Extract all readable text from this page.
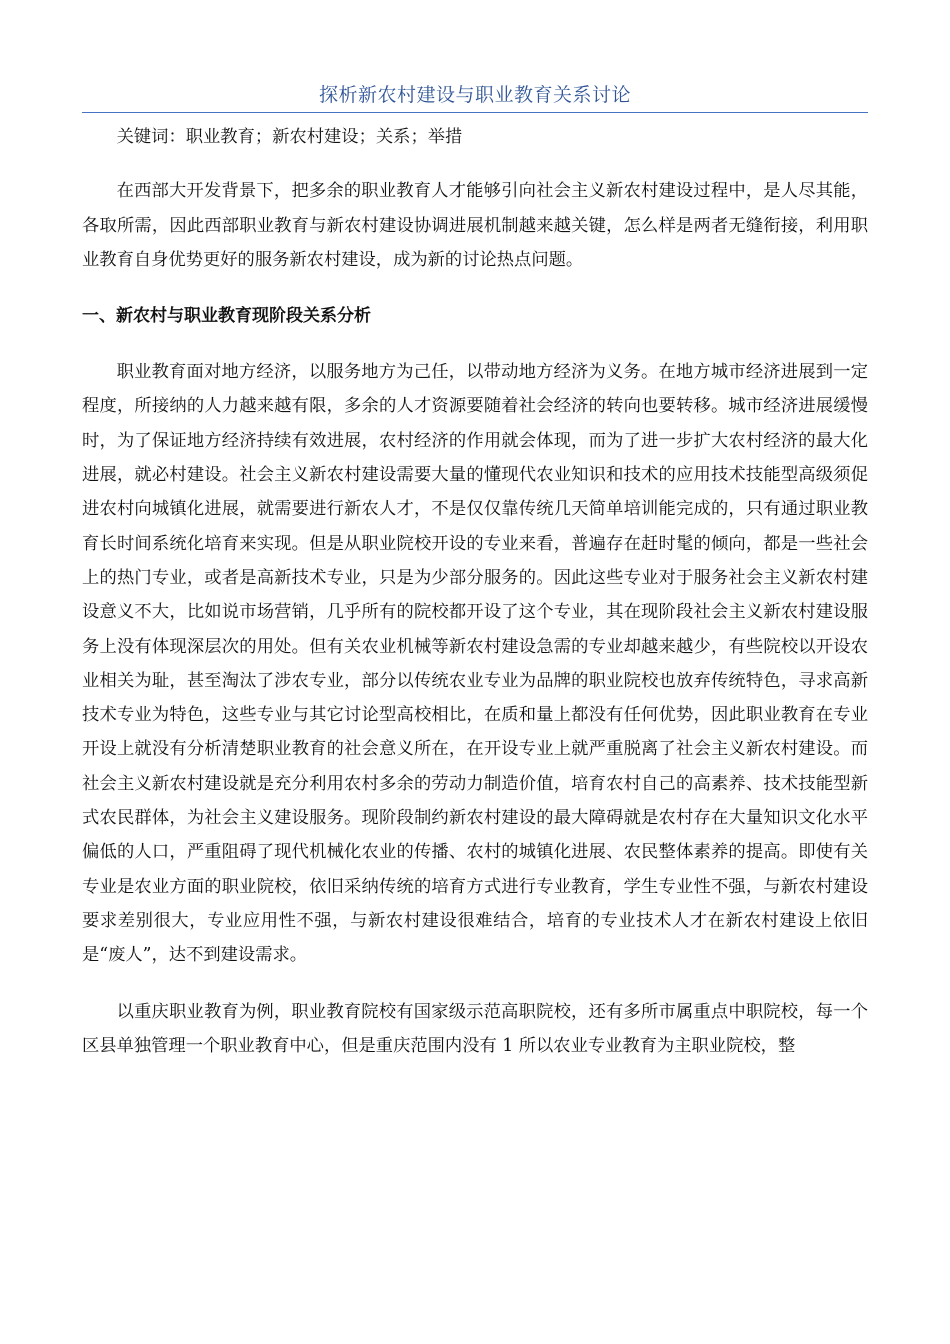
探析新农村建设与职业教育关系讨论

关键词：职业教育；新农村建设；关系；举措

在西部大开发背景下，把多余的职业教育人才能够引向社会主义新农村建设过程中，是人尽其能，各取所需，因此西部职业教育与新农村建设协调进展机制越来越关键，怎么样是两者无缝衔接，利用职业教育自身优势更好的服务新农村建设，成为新的讨论热点问题。

一、新农村与职业教育现阶段关系分析

职业教育面对地方经济，以服务地方为己任，以带动地方经济为义务。在地方城市经济进展到一定程度，所接纳的人力越来越有限，多余的人才资源要随着社会经济的转向也要转移。城市经济进展缓慢时，为了保证地方经济持续有效进展，农村经济的作用就会体现，而为了进一步扩大农村经济的最大化进展，就必村建设。社会主义新农村建设需要大量的懂现代农业知识和技术的应用技术技能型高级须促进农村向城镇化进展，就需要进行新农人才，不是仅仅靠传统几天简单培训能完成的，只有通过职业教育长时间系统化培育来实现。但是从职业院校开设的专业来看，普遍存在赶时髦的倾向，都是一些社会上的热门专业，或者是高新技术专业，只是为少部分服务的。因此这些专业对于服务社会主义新农村建设意义不大，比如说市场营销，几乎所有的院校都开设了这个专业，其在现阶段社会主义新农村建设服务上没有体现深层次的用处。但有关农业机械等新农村建设急需的专业却越来越少，有些院校以开设农业相关为耻，甚至淘汰了涉农专业，部分以传统农业专业为品牌的职业院校也放弃传统特色，寻求高新技术专业为特色，这些专业与其它讨论型高校相比，在质和量上都没有任何优势，因此职业教育在专业开设上就没有分析清楚职业教育的社会意义所在，在开设专业上就严重脱离了社会主义新农村建设。而社会主义新农村建设就是充分利用农村多余的劳动力制造价值，培育农村自己的高素养、技术技能型新式农民群体，为社会主义建设服务。现阶段制约新农村建设的最大障碍就是农村存在大量知识文化水平偏低的人口，严重阻碍了现代机械化农业的传播、农村的城镇化进展、农民整体素养的提高。即使有关专业是农业方面的职业院校，依旧采纳传统的培育方式进行专业教育，学生专业性不强，与新农村建设要求差别很大，专业应用性不强，与新农村建设很难结合，培育的专业技术人才在新农村建设上依旧是“废人”，达不到建设需求。

以重庆职业教育为例，职业教育院校有国家级示范高职院校，还有多所市属重点中职院校，每一个区县单独管理一个职业教育中心，但是重庆范围内没有 1 所以农业专业教育为主职业院校，整
